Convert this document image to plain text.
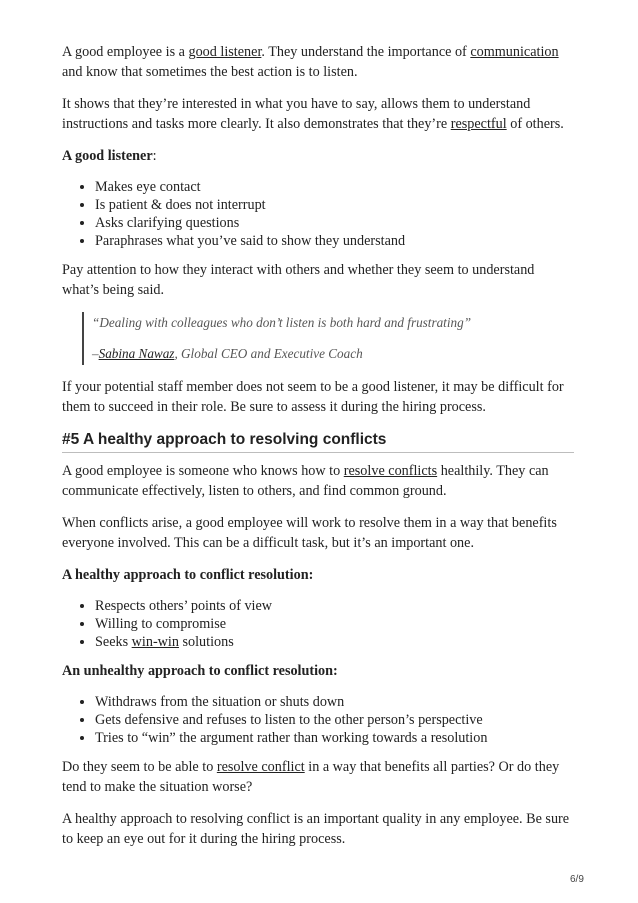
A good employee is a good listener. They understand the importance of communication and know that sometimes the best action is to listen.

It shows that they’re interested in what you have to say, allows them to understand instructions and tasks more clearly. It also demonstrates that they’re respectful of others.

A good listener:

• Makes eye contact
• Is patient & does not interrupt
• Asks clarifying questions
• Paraphrases what you’ve said to show they understand

Pay attention to how they interact with others and whether they seem to understand what’s being said.

“Dealing with colleagues who don’t listen is both hard and frustrating”

–Sabina Nawaz, Global CEO and Executive Coach

If your potential staff member does not seem to be a good listener, it may be difficult for them to succeed in their role. Be sure to assess it during the hiring process.

#5 A healthy approach to resolving conflicts

A good employee is someone who knows how to resolve conflicts healthily. They can communicate effectively, listen to others, and find common ground.

When conflicts arise, a good employee will work to resolve them in a way that benefits everyone involved. This can be a difficult task, but it’s an important one.

A healthy approach to conflict resolution:

• Respects others’ points of view
• Willing to compromise
• Seeks win-win solutions

An unhealthy approach to conflict resolution:

• Withdraws from the situation or shuts down
• Gets defensive and refuses to listen to the other person’s perspective
• Tries to “win” the argument rather than working towards a resolution

Do they seem to be able to resolve conflict in a way that benefits all parties? Or do they tend to make the situation worse?

A healthy approach to resolving conflict is an important quality in any employee. Be sure to keep an eye out for it during the hiring process.

6/9
